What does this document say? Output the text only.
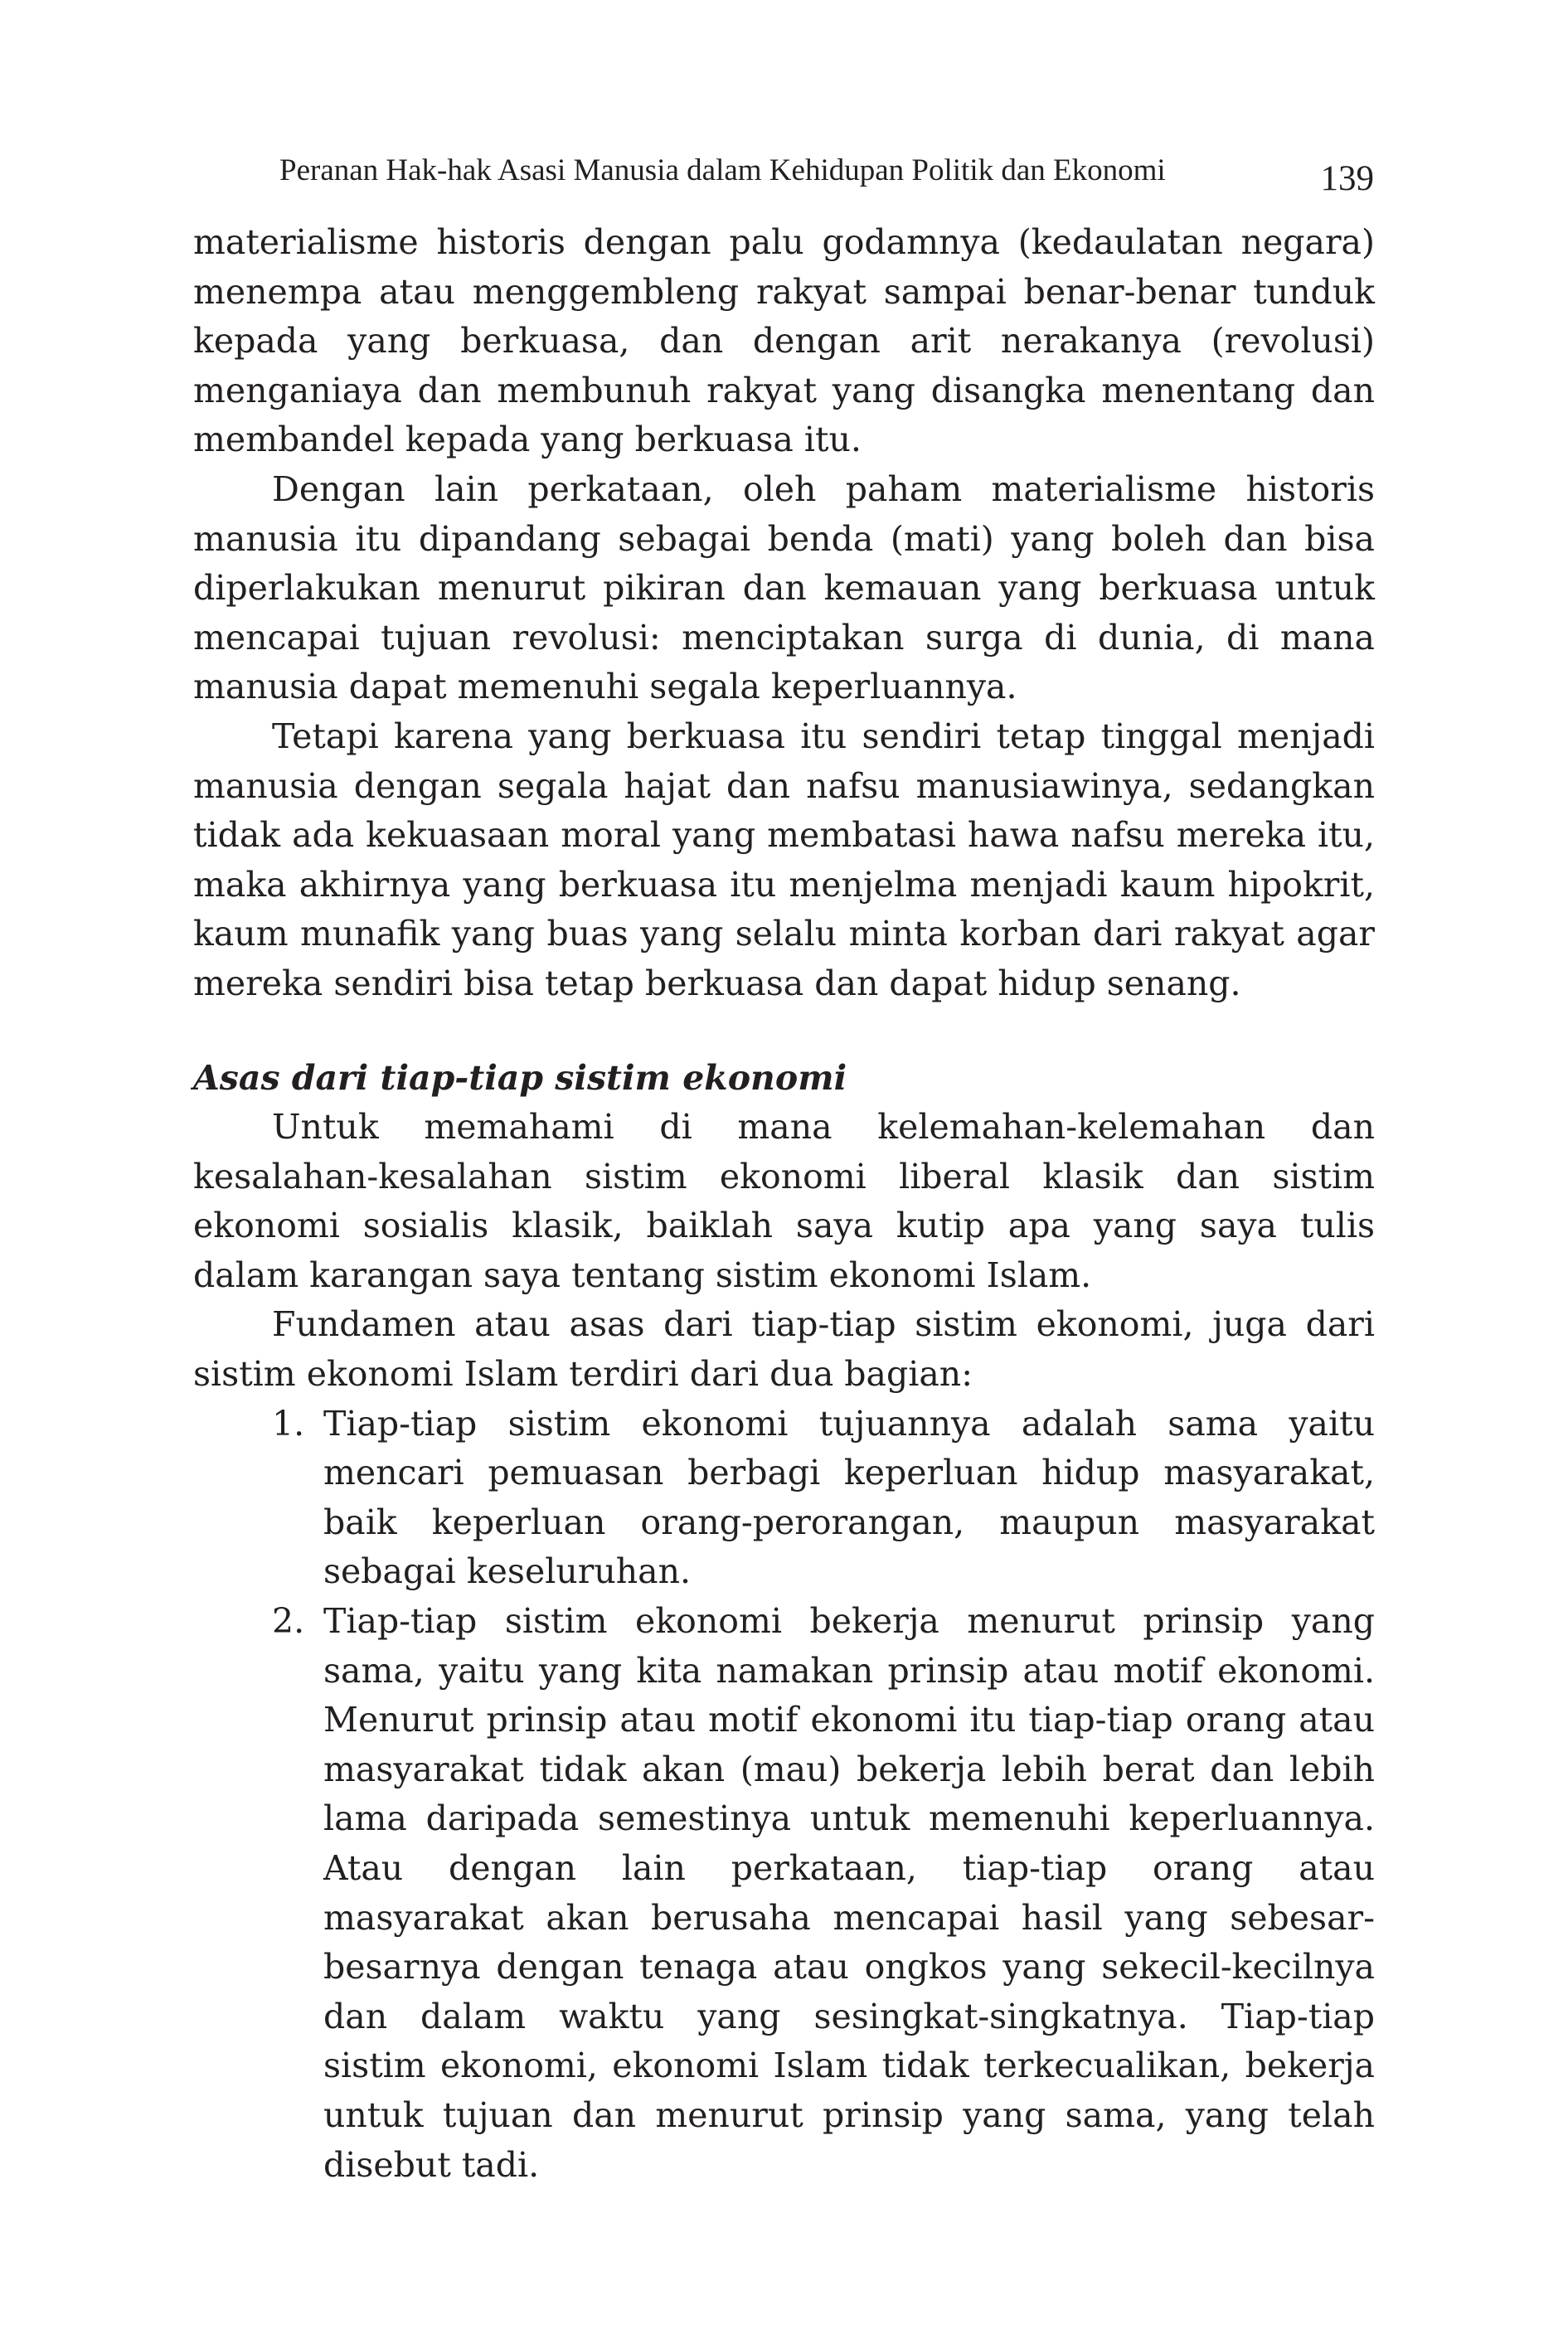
Peranan Hak-hak Asasi Manusia dalam Kehidupan Politik dan Ekonomi	139

materialisme historis dengan palu godamnya (kedaulatan negara) menempa atau menggembleng rakyat sampai benar-benar tunduk kepada yang berkuasa, dan dengan arit nerakanya (revolusi) menganiaya dan membunuh rakyat yang disangka menentang dan membandel kepada yang berkuasa itu.

Dengan lain perkataan, oleh paham materialisme historis manusia itu dipandang sebagai benda (mati) yang boleh dan bisa diperlakukan menurut pikiran dan kemauan yang berkuasa untuk mencapai tujuan revolusi: menciptakan surga di dunia, di mana manusia dapat memenuhi segala keperluannya.

Tetapi karena yang berkuasa itu sendiri tetap tinggal menjadi manusia dengan segala hajat dan nafsu manusiawinya, sedangkan tidak ada kekuasaan moral yang membatasi hawa nafsu mereka itu, maka akhirnya yang berkuasa itu menjelma menjadi kaum hipokrit, kaum munafik yang buas yang selalu minta korban dari rakyat agar mereka sendiri bisa tetap berkuasa dan dapat hidup senang.

Asas dari tiap-tiap sistim ekonomi

Untuk memahami di mana kelemahan-kelemahan dan kesalahan-kesalahan sistim ekonomi liberal klasik dan sistim ekonomi sosialis klasik, baiklah saya kutip apa yang saya tulis dalam karangan saya tentang sistim ekonomi Islam.

Fundamen atau asas dari tiap-tiap sistim ekonomi, juga dari sistim ekonomi Islam terdiri dari dua bagian:

1. Tiap-tiap sistim ekonomi tujuannya adalah sama yaitu mencari pemuasan berbagi keperluan hidup masyarakat, baik keperluan orang-perorangan, maupun masyarakat sebagai keseluruhan.
2. Tiap-tiap sistim ekonomi bekerja menurut prinsip yang sama, yaitu yang kita namakan prinsip atau motif ekonomi. Menurut prinsip atau motif ekonomi itu tiap-tiap orang atau masyarakat tidak akan (mau) bekerja lebih berat dan lebih lama daripada semestinya untuk memenuhi keperluannya. Atau dengan lain perkataan, tiap-tiap orang atau masyarakat akan berusaha mencapai hasil yang sebesar-besarnya dengan tenaga atau ongkos yang sekecil-kecilnya dan dalam waktu yang sesingkat-singkatnya. Tiap-tiap sistim ekonomi, ekonomi Islam tidak terkecualikan, bekerja untuk tujuan dan menurut prinsip yang sama, yang telah disebut tadi.
